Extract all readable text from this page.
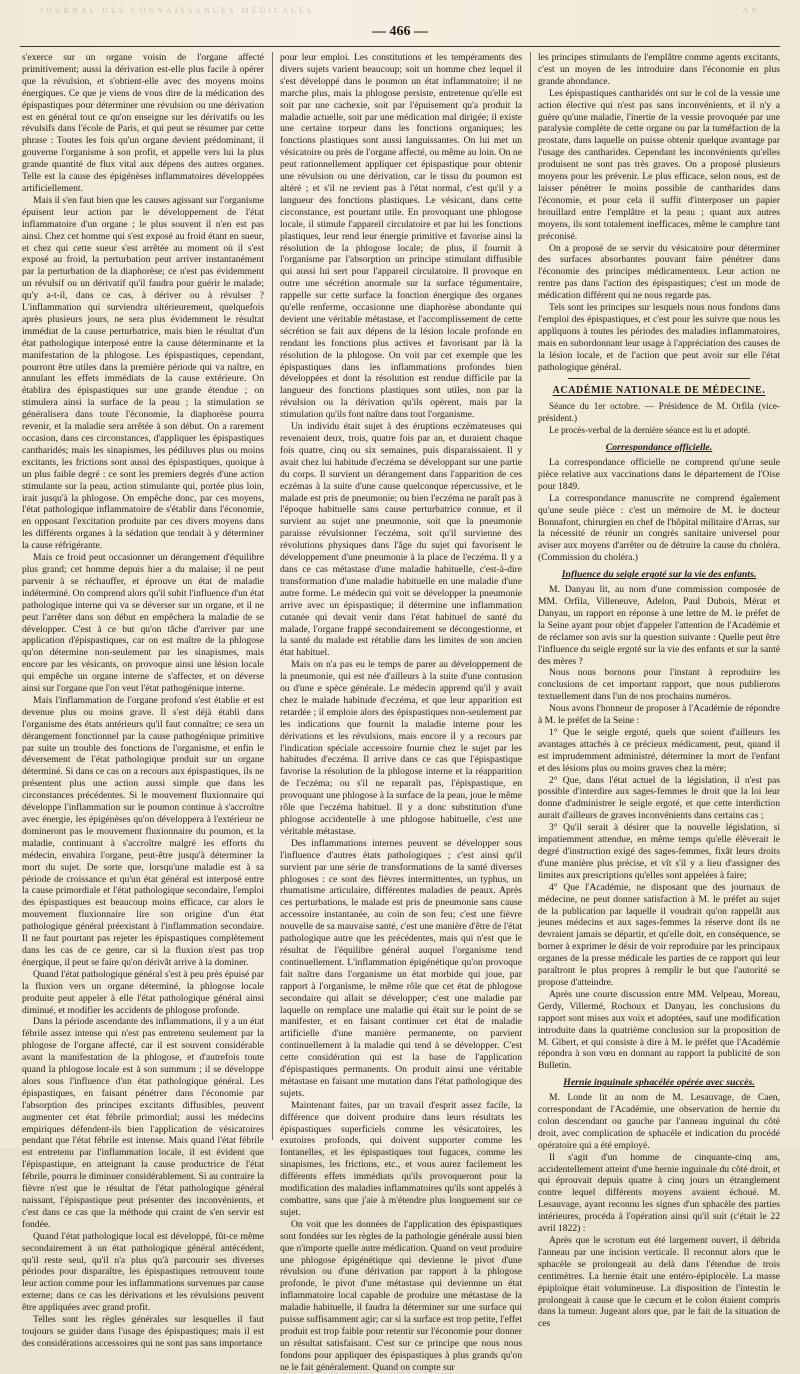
JOURNAL DES CONNAISSANCES MÉDICALES	AN
— 466 —

s'exerce sur un organe voisin de l'organe affecté primitivement; aussi la dérivation est-elle plus facile à opérer que la révulsion, et s'obtient-elle avec des moyens moins énergiques. Ce que je viens de vous dire de la médication des épispastiques pour déterminer une révulsion ou une dérivation est en général tout ce qu'on enseigne sur les dérivatifs ou les révulsifs dans l'école de Paris, et qui peut se résumer par cette phrase : Toutes les fois qu'un organe devient prédominant, il gouverne l'organisme à son profit, et appelle vers lui la plus grande quantité de flux vital aux dépens des autres organes. Telle est la cause des épigénèses inflammatoires développées artificiellement.

Mais il s'en faut bien que les causes agissant sur l'organisme épuisent leur action par le développement de l'état inflammatoire d'un organe ; le plus souvent il n'en est pas ainsi. Chez cet homme qui s'est exposé au froid étant en sueur, et chez qui cette sueur s'est arrêtée au moment où il s'est exposé au froid, la perturbation peut arriver instantanément par la perturbation de la diaphorèse; ce n'est pas évidemment un révulsif ou un dérivatif qu'il faudra pour guérir le malade; qu'y a-t-il, dans ce cas, à dériver ou à révulser ? L'inflammation qui surviendra ultérieurement, quelquefois après plusieurs jours, ne sera plus évidemment le résultat immédiat de la cause perturbatrice, mais bien le résultat d'un état pathologique interposé entre la cause déterminante et la manifestation de la phlogose. Les épispastiques, cependant, pourront être utiles dans la première période qui va naître, en annulant les effets immédiats de la cause extérieure. On établira des épispastiques sur une grande étendue ; on stimulera ainsi la surface de la peau ; la stimulation se généralisera dans toute l'économie, la diaphorèse pourra revenir, et la maladie sera arrêtée à son début. On a rarement occasion, dans ces circonstances, d'appliquer les épispastiques cantharidés; mais les sinapismes, les pédiluves plus ou moins excitants, les frictions sont aussi des épispastiques, quoique à un plus faible degré : ce sont les premiers degrés d'une action stimulante sur la peau, action stimulante qui, portée plus loin, irait jusqu'à la phlogose. On empêche donc, par ces moyens, l'état pathologique inflammatoire de s'établir dans l'économie, en opposant l'excitation produite par ces divers moyens dans les différents organes à la sédation que tendait à y déterminer la cause réfrigérante.

Mais ce froid peut occasionner un dérangement d'équilibre plus grand; cet homme depuis hier a du malaise; il ne peut parvenir à se réchauffer, et éprouve un état de maladie indéterminé. On comprend alors qu'il subit l'influence d'un état pathologique interne qui va se déverser sur un organe, et il ne peut l'arrêter dans son début en empêchera la maladie de se développer. C'est à ce but qu'on tâche d'arriver par une application d'épispastiques, car on est maître de la phlogose qu'on détermine non-seulement par les sinapismes, mais encore par les vésicants, on provoque ainsi une lésion locale qui empêche un organe interne de s'affecter, et on déverse ainsi sur l'organe que l'on veut l'état pathogénique interne.

Mais l'inflammation de l'organe profond s'est établie et est devenue plus ou moins grave. Il s'est déjà établi dans l'organisme des états antérieurs qu'il faut connaître; ce sera un dérangement fonctionnel par la cause pathogénique primitive par suite un trouble des fonctions de l'organisme, et enfin le déversement de l'état pathologique produit sur un organe déterminé. Si dans ce cas on a recours aux épispastiques, ils ne présentent plus une action aussi simple que dans les circonstances précédentes. Si le mouvement fluxionnaire qui développe l'inflammation sur le poumon continue à s'accroître avec énergie, les épigénèses qu'on développera à l'extérieur ne domineront pas le mouvement fluxionnaire du poumon, et la maladie, continuant à s'accroître malgré les efforts du médecin, envahira l'organe, peut-être jusqu'à déterminer la mort du sujet. De sorte que, lorsqu'une maladie est à sa période de croissance et qu'un état général est interposé entre la cause primordiale et l'état pathologique secondaire, l'emploi des épispastiques est beaucoup moins efficace, car alors le mouvement fluxionnaire lire son origine d'un état pathologique général préexistant à l'inflammation secondaire. Il ne faut pourtant pas rejeter les épispastiques complètement dans les cas de ce genre, car si la fluxion n'est pas trop énergique, il peut se faire qu'on dérivât arrive à la dominer.

Quand l'état pathologique général s'est à peu près épuisé par la fluxion vers un organe déterminé, la phlogose locale produite peut appeler à elle l'état pathologique général ainsi diminué, et modifier les accidents de phlogose profonde.

Dans la période ascendante des inflammations, il y a un état fébrile assez intense qui n'est pas entretenu seulement par la phlogose de l'organe affecté, car il est souvent considérable avant la manifestation de la phlogose, et d'autrefois toute quand la phlogose locale est à son summum ; il se développe alors sous l'influence d'un état pathologique général. Les épispastiques, en faisant pénétrer dans l'économie par l'absorption des principes excitants diffusibles, peuvent augmenter cet état fébrile primordial; aussi les médecins empiriques défendent-ils bien l'application de vésicatoires pendant que l'état fébrile est intense. Mais quand l'état fébrile est entretenu par l'inflammation locale, il est évident que l'épispastique, en atteignant la cause productrice de l'état fébrile, pourra le diminuer considérablement. Si au contraire la fièvre n'est que le résultat de l'état pathologique général naissant, l'épispastique peut présenter des inconvénients, et c'est dans ce cas que la méthode qui craint de s'en servir est fondée.

Quand l'état pathologique local est développé, fût-ce même secondairement à un état pathologique général antécédent, qu'il reste seul, qu'il n'a plus qu'à parcourir ses diverses périodes pour disparaître, les épispastiques retrouvent toute leur action comme pour les inflammations survenues par cause externe; dans ce cas les dérivations et les révulsions peuvent être appliquées avec grand profit.

Telles sont les règles générales sur lesquelles il faut toujours se guider dans l'usage des épispastiques; mais il est des considérations accessoires qui ne sont pas sans importance

pour leur emploi. Les constitutions et les tempéraments des divers sujets varient beaucoup; soit un homme chez lequel il s'est développé dans le poumon un état inflammatoire; il ne marche plus, mais la phlogose persiste, entretenue qu'elle est soit par une cachexie, soit par l'épuisement qu'a produit la maladie actuelle, soit par une médication mal dirigée; il existe une certaine torpeur dans les fonctions organiques; les fonctions plastiques sont aussi languissantes. On lui met un vésicatoire ou près de l'organe affecté, ou même au loin. On ne peut rationnellement appliquer cet épispastique pour obtenir une révulsion ou une dérivation, car le tissu du poumon est altéré ; et s'il ne revient pas à l'état normal, c'est qu'il y a langueur des fonctions plastiques. Le vésicant, dans cette circonstance, est pourtant utile. En provoquant une phlogose locale, il stimule l'appareil circulatoire et par lui les fonctions plastiques, leur rend leur énergie primitive et favorise ainsi la résolution de la phlogose locale; de plus, il fournit à l'organisme par l'absorption un principe stimulant diffusible qui aussi lui sert pour l'appareil circulatoire. Il provoque en outre une sécrétion anormale sur la surface tégumentaire, rappelle sur cette surface la fonction énergique des organes qu'elle renferme, occasionne une diaphorèse abondante qui devient une véritable métastase, et l'accomplissement de cette sécrétion se fait aux dépens de la lésion locale profonde en rendant les fonctions plus actives et favorisant par là la résolution de la phlogose. On voit par cet exemple que les épispastiques dans les inflammations profondes bien développées et dont la résolution est rendue difficile par la langueur des fonctions plastiques sont utiles, non par la révulsion ou la dérivation qu'ils opèrent, mais par la stimulation qu'ils font naître dans tout l'organisme.

Un individu était sujet à des éruptions eczémateuses qui revenaient deux, trois, quatre fois par an, et duraient chaque fois quatre, cinq ou six semaines, puis disparaissaient. Il y avait chez lui habitude d'eczéma se développant sur une partie du corps. Il survient un dérangement dans l'apparition de ces eczémas à la suite d'une cause quelconque répercussive, et le malade est pris de pneumonie; ou bien l'eczéma ne paraît pas à l'époque habituelle sans cause perturbatrice connue, et il survient au sujet une pneumonie, soit que la pneumonie paraisse révulsionner l'eczéma, soit qu'il survienne des révolutions physiques dans l'âge du sujet qui favorisent le développement d'une pneumonie à la place de l'eczéma. Il y a dans ce cas métastase d'une maladie habituelle, c'est-à-dire transformation d'une maladie habituelle en une maladie d'une autre forme. Le médecin qui voit se développer la pneumonie arrive avec un épispastique; il détermine une inflammation cutanée qui devait venir dans l'état habituel de santé du malade, l'organe frappé secondairement se décongestionne, et la santé du malade est rétablie dans les limites de son ancien état habituel.

Mais on n'a pas eu le temps de parer au développement de la pneumonie, qui est née d'ailleurs à la suite d'une contusion ou d'une e spèce générale. Le médecin apprend qu'il y avait chez le malade habitude d'eczéma, et que leur apparition est retardée ; il emploie alors des épispastiques non-seulement par les indications que fournit la maladie interne pour les dérivations et les révulsions, mais encore il y a recours par l'indication spéciale accessoire fournie chez le sujet par les habitudes d'eczéma. Il arrive dans ce cas que l'épispastique favorise la résolution de la phlogose interne et la réapparition de l'eczéma; ou s'il ne reparaît pas, l'épispastique, en provoquant une phlogose à la surface de la peau, joue le même rôle que l'eczéma habituel. Il y a donc substitution d'une phlogose accidentelle à une phlogose habituelle, c'est une véritable métastase.

Des inflammations internes peuvent se développer sous l'influence d'autres états pathologiques ; c'est ainsi qu'il survient par une série de transformations de la santé diverses phlogoses : ce sont des fièvres intermittentes, un typhus, un rhumatisme articulaire, différentes maladies de peaux. Après ces perturbations, le malade est pris de pneumonie sans cause accessoire instantanée, au coin de son feu; c'est une fièvre nouvelle de sa mauvaise santé, c'est une manière d'être de l'état pathologique autre que les précédentes, mais qui n'est que le résultat de l'équilibre général auquel l'organisme tend continuellement. L'inflammation épigénétique qu'on provoque fait naître dans l'organisme un état morbide qui joue, par rapport à l'organisme, le même rôle que cet état de phlogose secondaire qui allait se développer; c'est une maladie par laquelle on remplace une maladie qui était sur le point de se manifester, et en faisant continuer cet état de maladie artificielle d'une manière permanente, on parvient continuellement à la maladie qui tend à se développer. C'est cette considération qui est la base de l'application d'épispastiques permanents. On produit ainsi une véritable métastase en faisant une mutation dans l'état pathologique des sujets.

Maintenant faites, par un travail d'esprit assez facile, la différence que doivent produire dans leurs résultats les épispastiques superficiels comme les vésicatoires, les exutoires profonds, qui doivent supporter comme les fontanelles, et les épispastiques tout fugaces, comme les sinapismes, les frictions, etc., et vous aurez facilement les différents effets immédiats qu'ils provoqueront pour la modification des maladies inflammatoires qu'ils sont appelés à combattre, sans que j'aie à m'étendre plus longuement sur ce sujet.

On voit que les données de l'application des épispastiques sont fondées sur les règles de la pathologie générale aussi bien que n'importe quelle autre médication. Quand on veut produire une phlogose épigénétique qui devienne le pivot d'une révulsion ou d'une dérivation par rapport à la phlogose profonde, le pivot d'une métastase qui deviennne un état inflammatoire local capable de produire une métastase de la maladie habituelle, il faudra la déterminer sur une surface qui puisse suffisamment agir; car si la surface est trop petite, l'effet produit est trop faible pour retentir sur l'économie pour donner un résultat satisfaisant. C'est sur ce principe que nous nous fondons pour appliquer des épispastiques à plus grands qu'on ne le fait généralement. Quand on compte sur

les principes stimulants de l'emplâtre comme agents excitants, c'est un moyen de les introduire dans l'économie en plus grande abondance.

Les épispastiques cantharidés ont sur le col de la vessie une action élective qui n'est pas sans inconvénients, et il n'y a guère qu'une maladie, l'inertie de la vessie provoquée par une paralysie complète de cette organe ou par la tuméfaction de la prostate, dans laquelle on puisse obtenir quelque avantage par l'usage des cantharides. Cependant les inconvénients qu'elles produisent ne sont pas très graves. On a proposé plusieurs moyens pour les prévenir. Le plus efficace, selon nous, est de laisser pénétrer le moins possible de cantharides dans l'économie, et pour cela il suffit d'interposer un papier brouillard entre l'emplâtre et la peau ; quant aux autres moyens, ils sont totalement inefficaces, même le camphre tant préconisé.

On a proposé de se servir du vésicatoire pour déterminer des surfaces absorbantes pouvant faire pénétrer dans l'économie des principes médicamenteux. Leur action ne rentre pas dans l'action des épispastiques; c'est un mode de médication différent qui ne nous regarde pas.

Tels sont les principes sur lesquels nous nous fondons dans l'emploi des épispastiques, et c'est pour les suivre que nous les appliquons à toutes les périodes des maladies inflammatoires, mais en subordonnant leur usage à l'appréciation des causes de la lésion locale, et de l'action que peut avoir sur elle l'état pathologique général.

ACADÉMIE NATIONALE DE MÉDECINE.

Séance du 1er octobre. — Présidence de M. Orfila (vice-président.)

Le procès-verbal de la dernière séance est lu et adopté.

Correspondance officielle.

La correspondance officielle ne comprend qu'une seule pièce relative aux vaccinations dans le département de l'Oise pour 1849.

La correspondance manuscrite ne comprend également qu'une seule pièce : c'est un mémoire de M. le docteur Bonnafont, chirurgien en chef de l'hôpital militaire d'Arras, sur la nécessité de réunir un congrès sanitaire universel pour aviser aux moyens d'arrêter ou de détruire la cause du choléra. (Commission du choléra.)

Influence du seigle ergoté sur la vie des enfants.

M. Danyau lit, au nom d'une commission composée de MM. Orfila, Villeneuve, Adelon, Paul Dubois, Mérat et Danyau, un rapport en réponse à une lettre de M. le préfet de la Seine ayant pour objet d'appeler l'attention de l'Académie et de réclamer son avis sur la question suivante : Quelle peut être l'influence du seigle ergoté sur la vie des enfants et sur la santé des mères ?

Nous nous bornons pour l'instant à reproduire les conclusions de cet important rapport, que nous publierons textuellement dans l'un de nos prochains numéros.

Nous avons l'honneur de proposer à l'Académie de répondre à M. le préfet de la Seine :

1° Que le seigle ergoté, quels que soient d'ailleurs les avantages attachés à ce précieux médicament, peut, quand il est imprudemment administré, déterminer la mort de l'enfant et des lésions plus ou moins graves chez la mère;

2° Que, dans l'état actuel de la législation, il n'est pas possible d'interdire aux sages-femmes le droit que la loi leur donne d'administrer le seigle ergoté, et que cette interdiction aurait d'ailleurs de graves inconvénients dans certains cas ;

3° Qu'il serait à désirer que la nouvelle législation, si impatiemment attendue, en même temps qu'elle élèverait le degré d'instruction exigé des sages-femmes, fixât leurs droits d'une manière plus précise, et vît s'il y a lieu d'assigner des limites aux prescriptions qu'elles sont appelées à faire;

4° Que l'Académie, ne disposant que des journaux de médecine, ne peut donner satisfaction à M. le préfet au sujet de la publication par laquelle il voudrait qu'on rappelât aux jeunes médecins et aux sages-femmes la réserve dont ils ne devraient jamais se départir, et qu'elle doit, en conséquence, se borner à exprimer le désir de voir reproduire par les principaux organes de la presse médicale les parties de ce rapport qui leur paraîtront le plus propres à remplir le but que l'autorité se propose d'atteindre.

Après une courte discussion entre MM. Velpeau, Moreau, Gerdy, Villermé, Rochoux et Danyau, les conclusions du rapport sont mises aux voix et adoptées, sauf une modification introduite dans la quatrième conclusion sur la proposition de M. Gibert, et qui consiste à dire à M. le préfet que l'Académie répondra à son vœu en donnant au rapport la publicité de son Bulletin.

Hernie inguinale sphacélée opérée avec succès.

M. Londe lit au nom de M. Lesauvage, de Caen, correspondant de l'Académie, une observation de hernie du colon descendant ou gauche par l'anneau inguinal du côté droit, avec complication de sphacèle et indication du procédé opératoire qui a été employé.

Il s'agit d'un homme de cinquante-cinq ans, accidentellement atteint d'une hernie inguinale du côté droit, et qui éprouvait depuis quatre à cinq jours un étranglement contre lequel différents moyens avaient échoué. M. Lesauvage, ayant reconnu les signes d'un sphacèle des parties intérieures, procéda à l'opération ainsi qu'il suit (c'était le 22 avril 1822) :

Après que le scrotum eut été largement ouvert, il débrida l'anneau par une incision verticale. Il reconnut alors que le sphacèle se prolongeait au delà dans l'étendue de trois centimètres. La hernie était une entéro-épiplocèle. La masse épiploïque était volumineuse. La disposition de l'intestin le prolongeait à cause que le cæcum et le colon étaient compris dans la tumeur. Jugeant alors que, par le fait de la situation de ces
